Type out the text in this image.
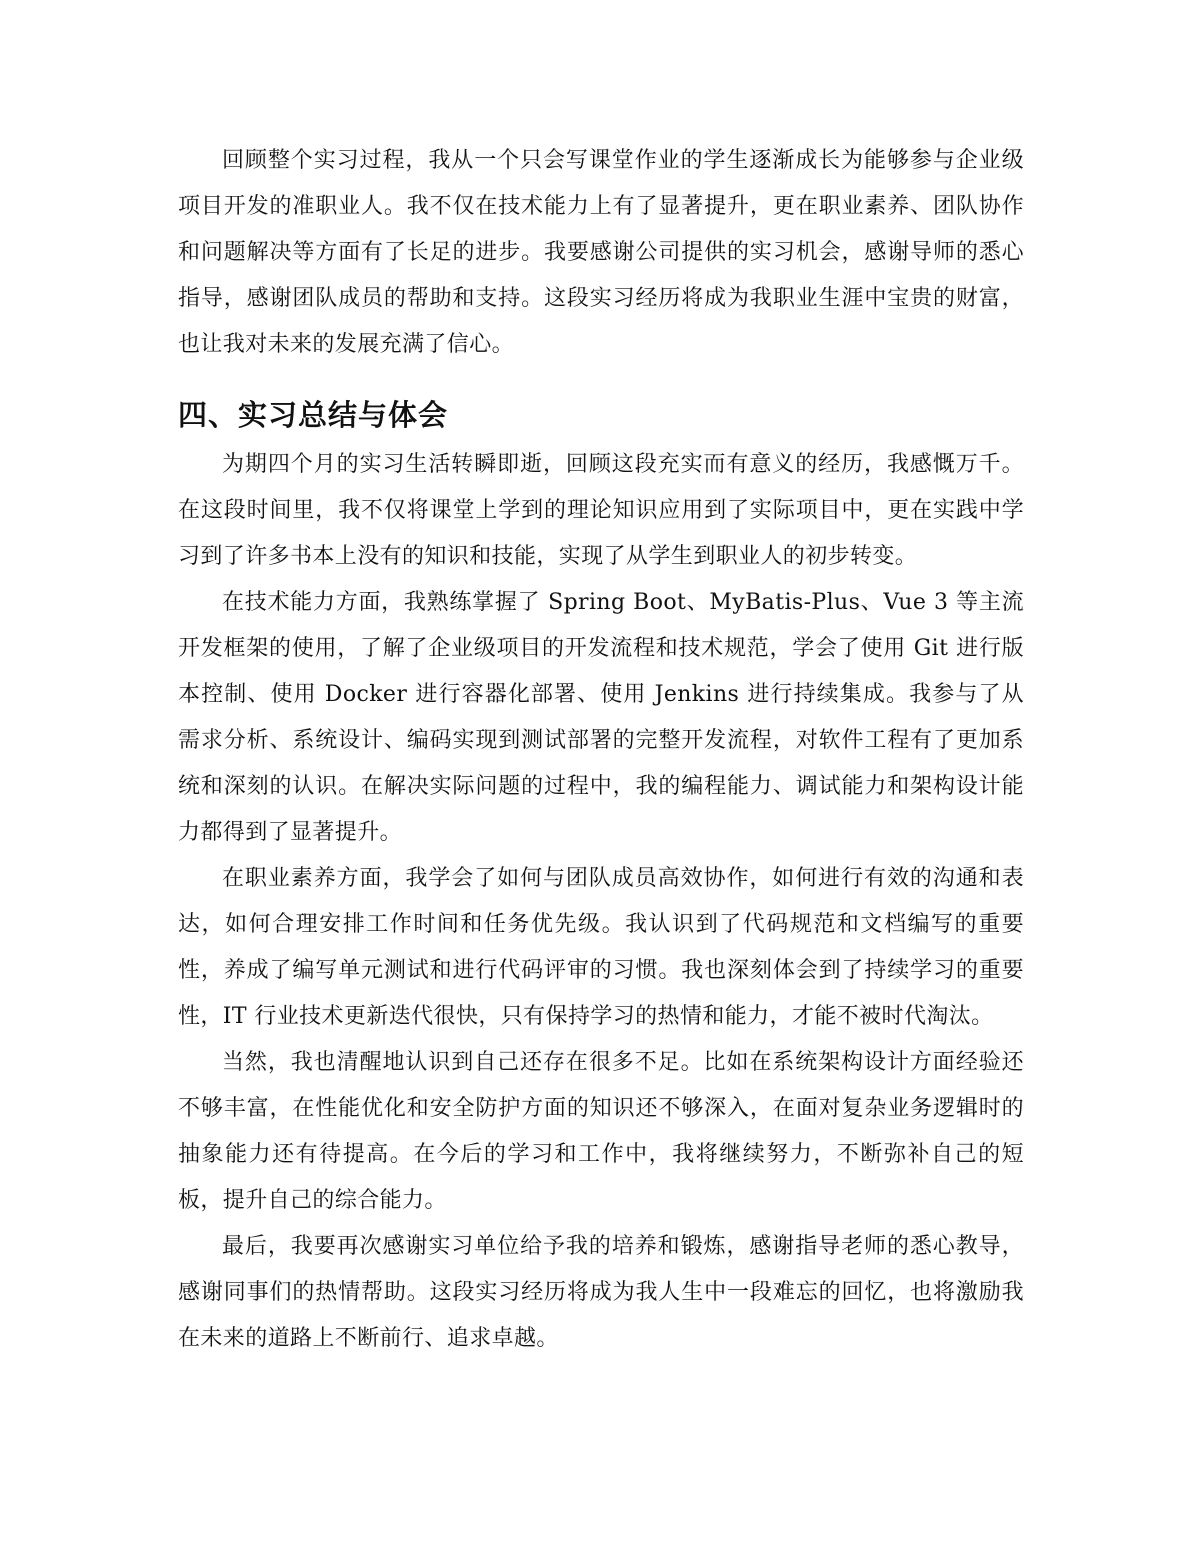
回顾整个实习过程，我从一个只会写课堂作业的学生逐渐成长为能够参与企业级项目开发的准职业人。我不仅在技术能力上有了显著提升，更在职业素养、团队协作和问题解决等方面有了长足的进步。我要感谢公司提供的实习机会，感谢导师的悉心指导，感谢团队成员的帮助和支持。这段实习经历将成为我职业生涯中宝贵的财富，也让我对未来的发展充满了信心。

四、实习总结与体会

为期四个月的实习生活转瞬即逝，回顾这段充实而有意义的经历，我感慨万千。在这段时间里，我不仅将课堂上学到的理论知识应用到了实际项目中，更在实践中学习到了许多书本上没有的知识和技能，实现了从学生到职业人的初步转变。

在技术能力方面，我熟练掌握了 Spring Boot、MyBatis-Plus、Vue 3 等主流开发框架的使用，了解了企业级项目的开发流程和技术规范，学会了使用 Git 进行版本控制、使用 Docker 进行容器化部署、使用 Jenkins 进行持续集成。我参与了从需求分析、系统设计、编码实现到测试部署的完整开发流程，对软件工程有了更加系统和深刻的认识。在解决实际问题的过程中，我的编程能力、调试能力和架构设计能力都得到了显著提升。

在职业素养方面，我学会了如何与团队成员高效协作，如何进行有效的沟通和表达，如何合理安排工作时间和任务优先级。我认识到了代码规范和文档编写的重要性，养成了编写单元测试和进行代码评审的习惯。我也深刻体会到了持续学习的重要性，IT 行业技术更新迭代很快，只有保持学习的热情和能力，才能不被时代淘汰。

当然，我也清醒地认识到自己还存在很多不足。比如在系统架构设计方面经验还不够丰富，在性能优化和安全防护方面的知识还不够深入，在面对复杂业务逻辑时的抽象能力还有待提高。在今后的学习和工作中，我将继续努力，不断弥补自己的短板，提升自己的综合能力。

最后，我要再次感谢实习单位给予我的培养和锻炼，感谢指导老师的悉心教导，感谢同事们的热情帮助。这段实习经历将成为我人生中一段难忘的回忆，也将激励我在未来的道路上不断前行、追求卓越。
